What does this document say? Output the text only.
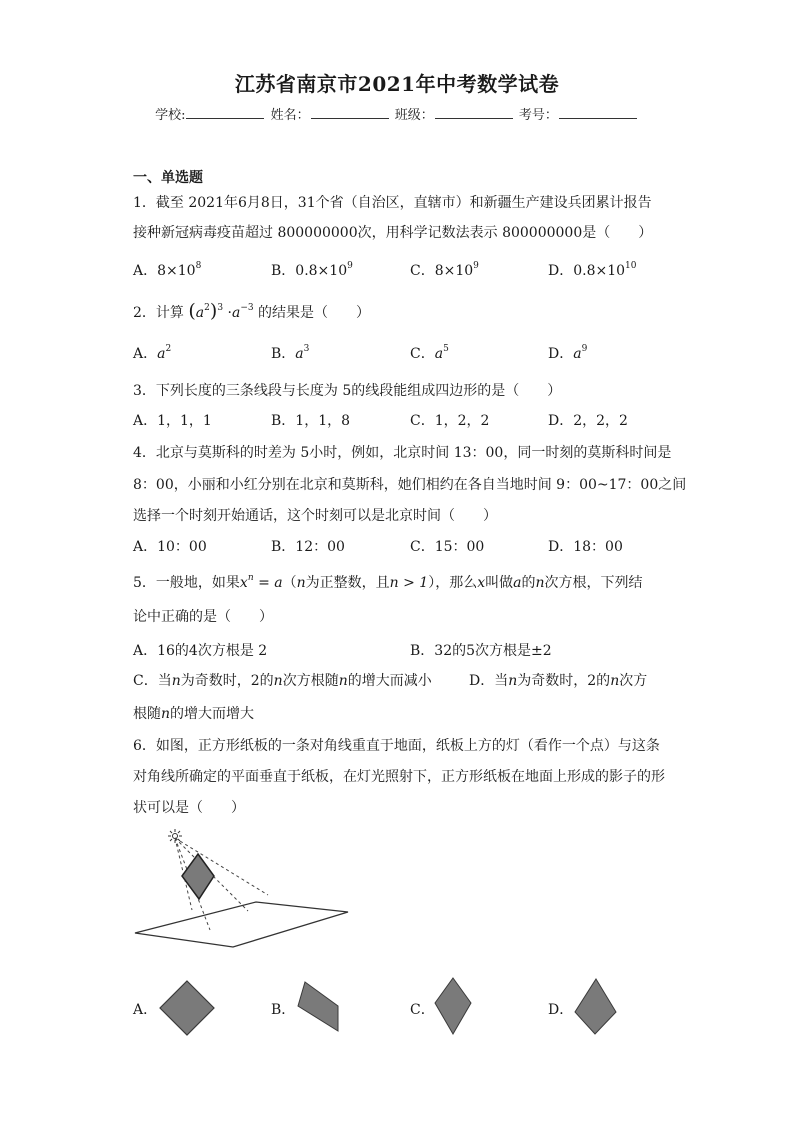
江苏省南京市2021年中考数学试卷
学校:	姓名：	班级：	考号：
一、单选题
1．截至 2021年6月8日，31个省（自治区，直辖市）和新疆生产建设兵团累计报告
接种新冠病毒疫苗超过 800000000次，用科学记数法表示 800000000是（　　）
A．$8\times 10^8$	B．$0.8\times 10^9$	C．$8\times 10^9$	D．$0.8\times 10^{10}$
2．计算 $(a^2)^3 \cdot a^{-3}$ 的结果是（　　）
A．$a^2$	B．$a^3$	C．$a^5$	D．$a^9$
3．下列长度的三条线段与长度为 5的线段能组成四边形的是（　　）
A．1，1，1	B．1，1，8	C．1，2，2	D．2，2，2
4．北京与莫斯科的时差为 5小时，例如，北京时间 13：00，同一时刻的莫斯科时间是
8：00，小丽和小红分别在北京和莫斯科，她们相约在各自当地时间 9：00~17：00之间
选择一个时刻开始通话，这个时刻可以是北京时间（　　）
A．10：00	B．12：00	C．15：00	D．18：00
5．一般地，如果$x^n = a(n$为正整数，且n > 1），那么x叫做a的n次方根，下列结
论中正确的是（　　）
A．16的4次方根是 2	B．32的5次方根是±2
C．当n为奇数时，2的n次方根随n的增大而减小	D．当n为奇数时，2的n次方
根随n的增大而增大
6．如图，正方形纸板的一条对角线重直于地面，纸板上方的灯（看作一个点）与这条
对角线所确定的平面垂直于纸板，在灯光照射下，正方形纸板在地面上形成的影子的形
状可以是（　　）
A．	B．	C．	D．
